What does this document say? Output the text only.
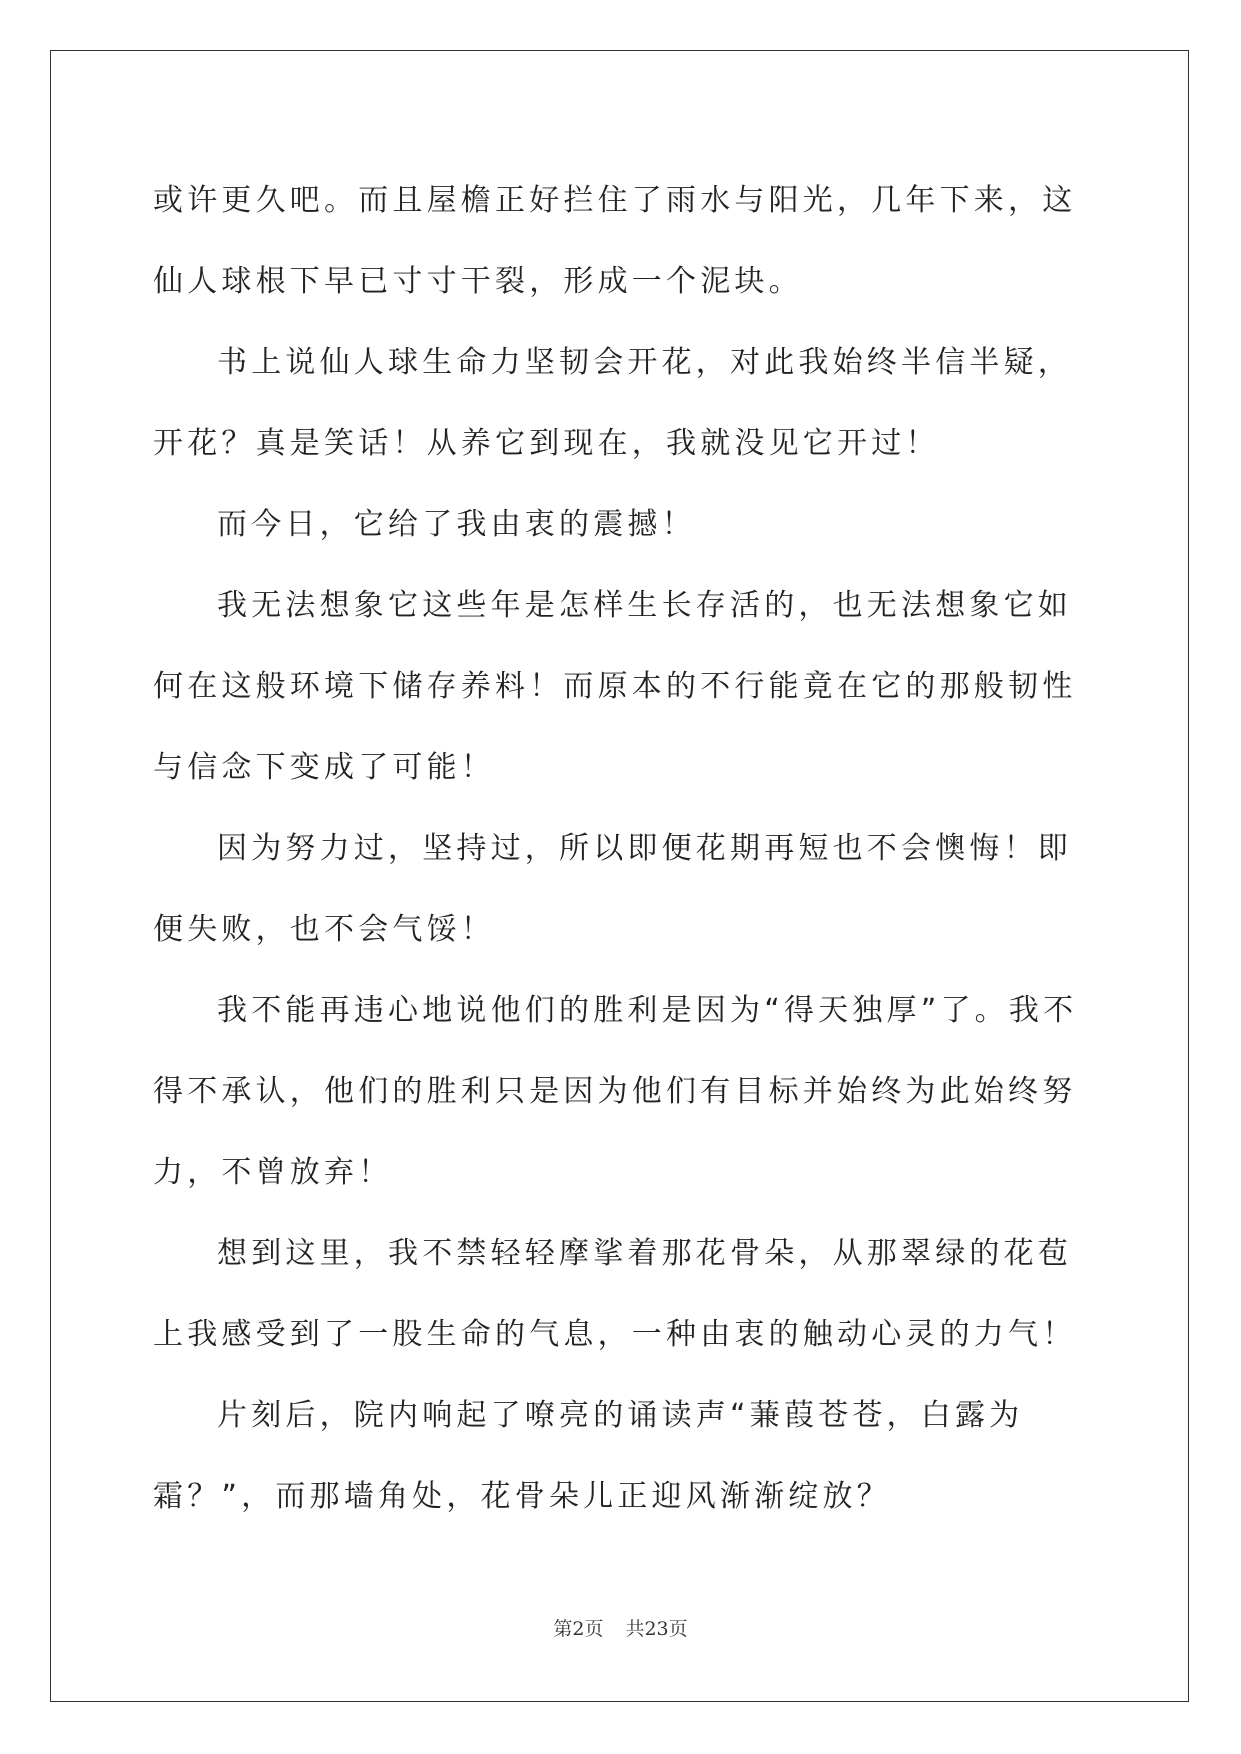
或许更久吧。而且屋檐正好拦住了雨水与阳光，几年下来，这仙人球根下早已寸寸干裂，形成一个泥块。

书上说仙人球生命力坚韧会开花，对此我始终半信半疑，开花？真是笑话！从养它到现在，我就没见它开过！

而今日，它给了我由衷的震撼！

我无法想象它这些年是怎样生长存活的，也无法想象它如何在这般环境下储存养料！而原本的不行能竟在它的那般韧性与信念下变成了可能！

因为努力过，坚持过，所以即便花期再短也不会懊悔！即便失败，也不会气馁！

我不能再违心地说他们的胜利是因为“得天独厚”了。我不得不承认，他们的胜利只是因为他们有目标并始终为此始终努力，不曾放弃！

想到这里，我不禁轻轻摩挲着那花骨朵，从那翠绿的花苞上我感受到了一股生命的气息，一种由衷的触动心灵的力气！

片刻后，院内响起了嘹亮的诵读声“蒹葭苍苍，白露为霜？”，而那墙角处，花骨朵儿正迎风渐渐绽放？

第2页 共23页
